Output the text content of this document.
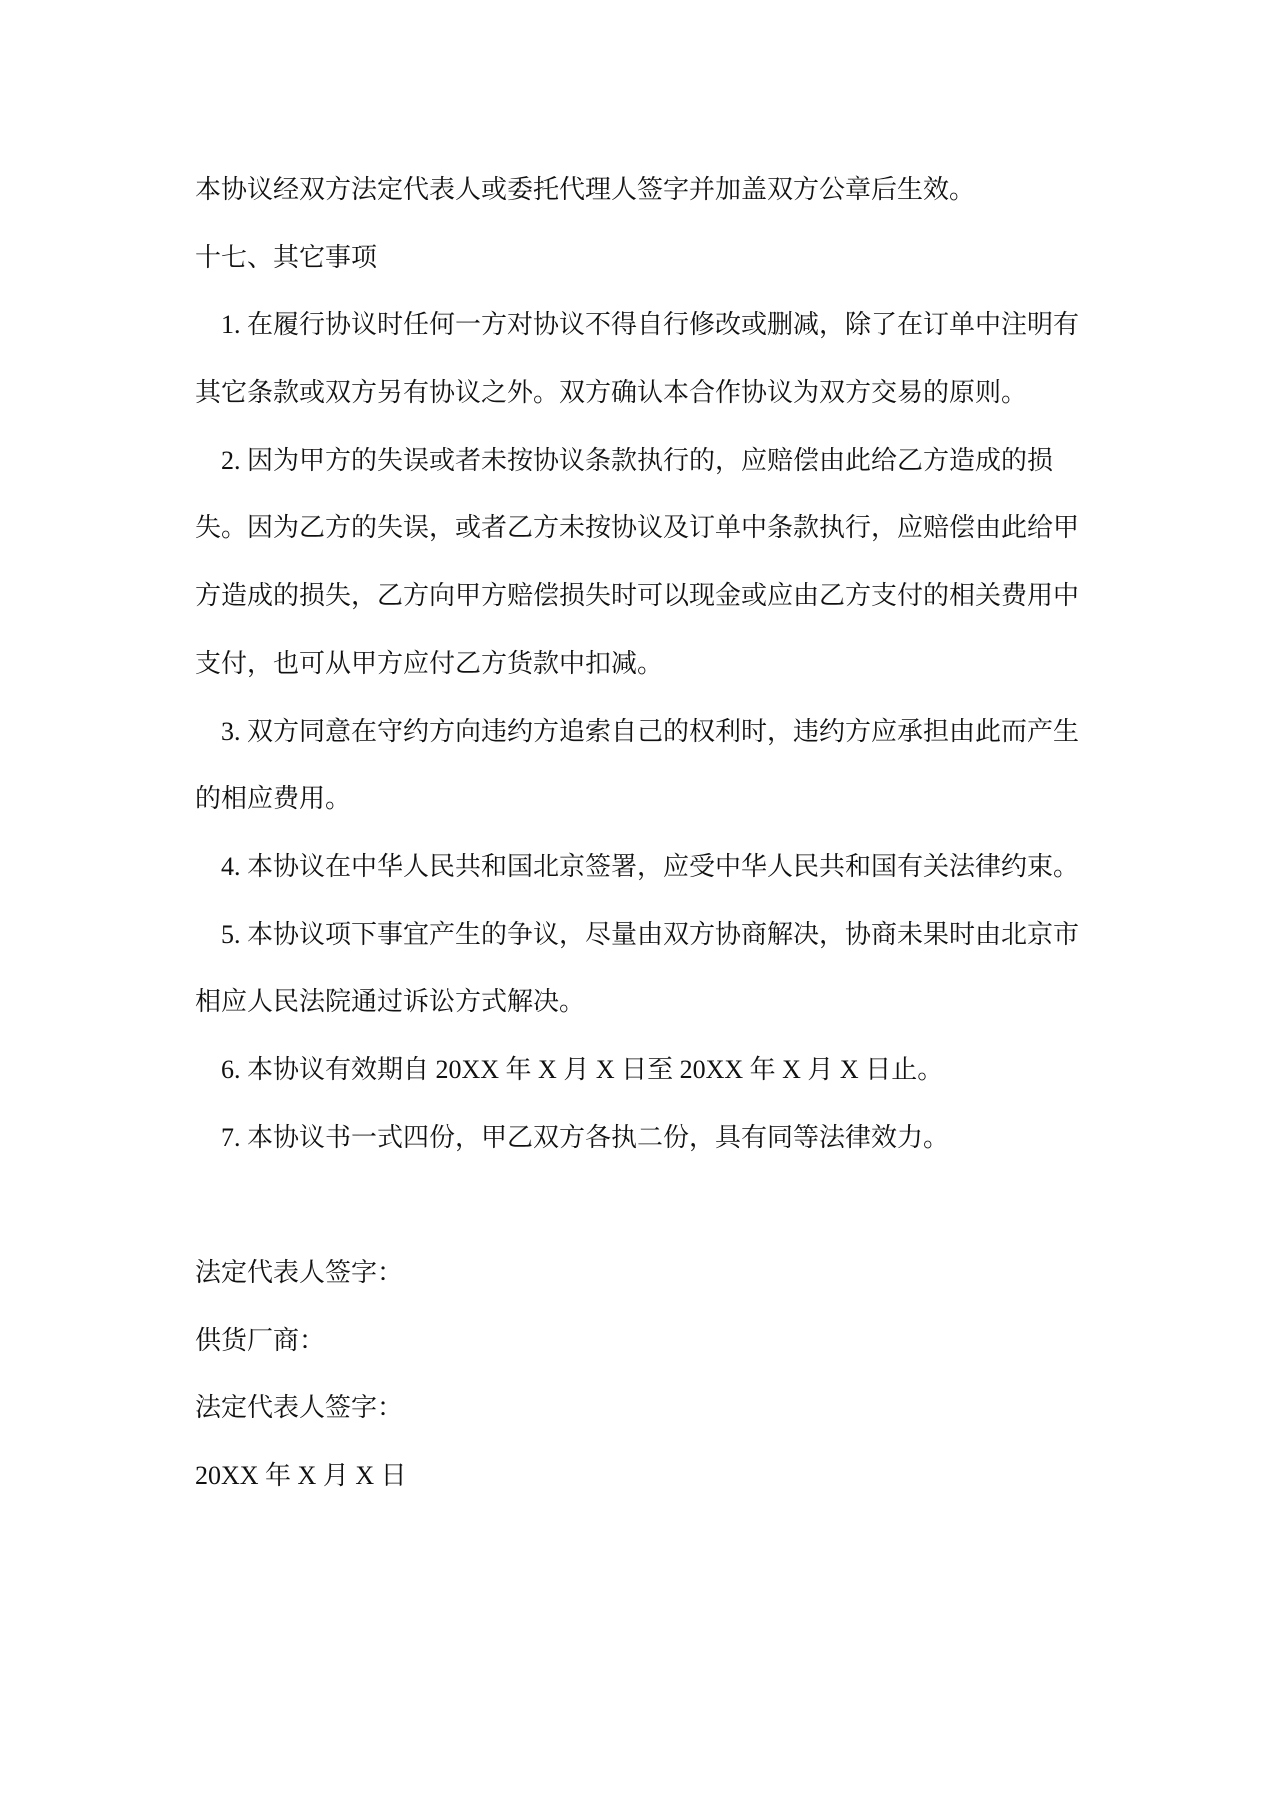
本协议经双方法定代表人或委托代理人签字并加盖双方公章后生效。
十七、其它事项
1. 在履行协议时任何一方对协议不得自行修改或删减，除了在订单中注明有
其它条款或双方另有协议之外。双方确认本合作协议为双方交易的原则。
2. 因为甲方的失误或者未按协议条款执行的，应赔偿由此给乙方造成的损
失。因为乙方的失误，或者乙方未按协议及订单中条款执行，应赔偿由此给甲
方造成的损失，乙方向甲方赔偿损失时可以现金或应由乙方支付的相关费用中
支付，也可从甲方应付乙方货款中扣减。
3. 双方同意在守约方向违约方追索自己的权利时，违约方应承担由此而产生
的相应费用。
4. 本协议在中华人民共和国北京签署，应受中华人民共和国有关法律约束。
5. 本协议项下事宜产生的争议，尽量由双方协商解决，协商未果时由北京市
相应人民法院通过诉讼方式解决。
6. 本协议有效期自 20XX 年 X 月 X 日至 20XX 年 X 月 X 日止。
7. 本协议书一式四份，甲乙双方各执二份，具有同等法律效力。
法定代表人签字：
供货厂商：
法定代表人签字：
20XX 年 X 月 X 日
